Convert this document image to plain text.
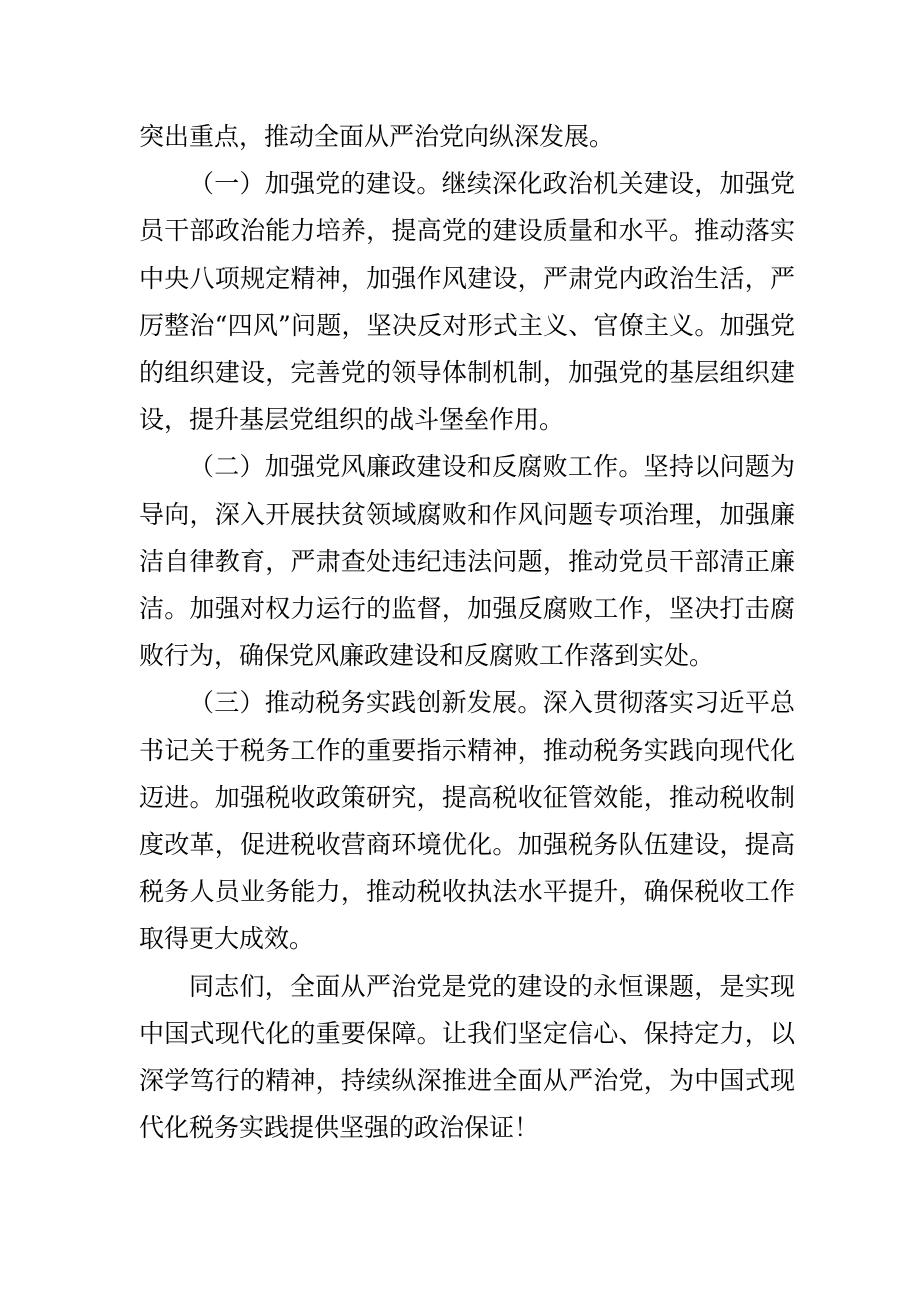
突出重点，推动全面从严治党向纵深发展。

（一）加强党的建设。继续深化政治机关建设，加强党员干部政治能力培养，提高党的建设质量和水平。推动落实中央八项规定精神，加强作风建设，严肃党内政治生活，严厉整治“四风”问题，坚决反对形式主义、官僚主义。加强党的组织建设，完善党的领导体制机制，加强党的基层组织建设，提升基层党组织的战斗堡垒作用。

（二）加强党风廉政建设和反腐败工作。坚持以问题为导向，深入开展扶贫领域腐败和作风问题专项治理，加强廉洁自律教育，严肃查处违纪违法问题，推动党员干部清正廉洁。加强对权力运行的监督，加强反腐败工作，坚决打击腐败行为，确保党风廉政建设和反腐败工作落到实处。

（三）推动税务实践创新发展。深入贯彻落实习近平总书记关于税务工作的重要指示精神，推动税务实践向现代化迈进。加强税收政策研究，提高税收征管效能，推动税收制度改革，促进税收营商环境优化。加强税务队伍建设，提高税务人员业务能力，推动税收执法水平提升，确保税收工作取得更大成效。

同志们，全面从严治党是党的建设的永恒课题，是实现中国式现代化的重要保障。让我们坚定信心、保持定力，以深学笃行的精神，持续纵深推进全面从严治党，为中国式现代化税务实践提供坚强的政治保证！
